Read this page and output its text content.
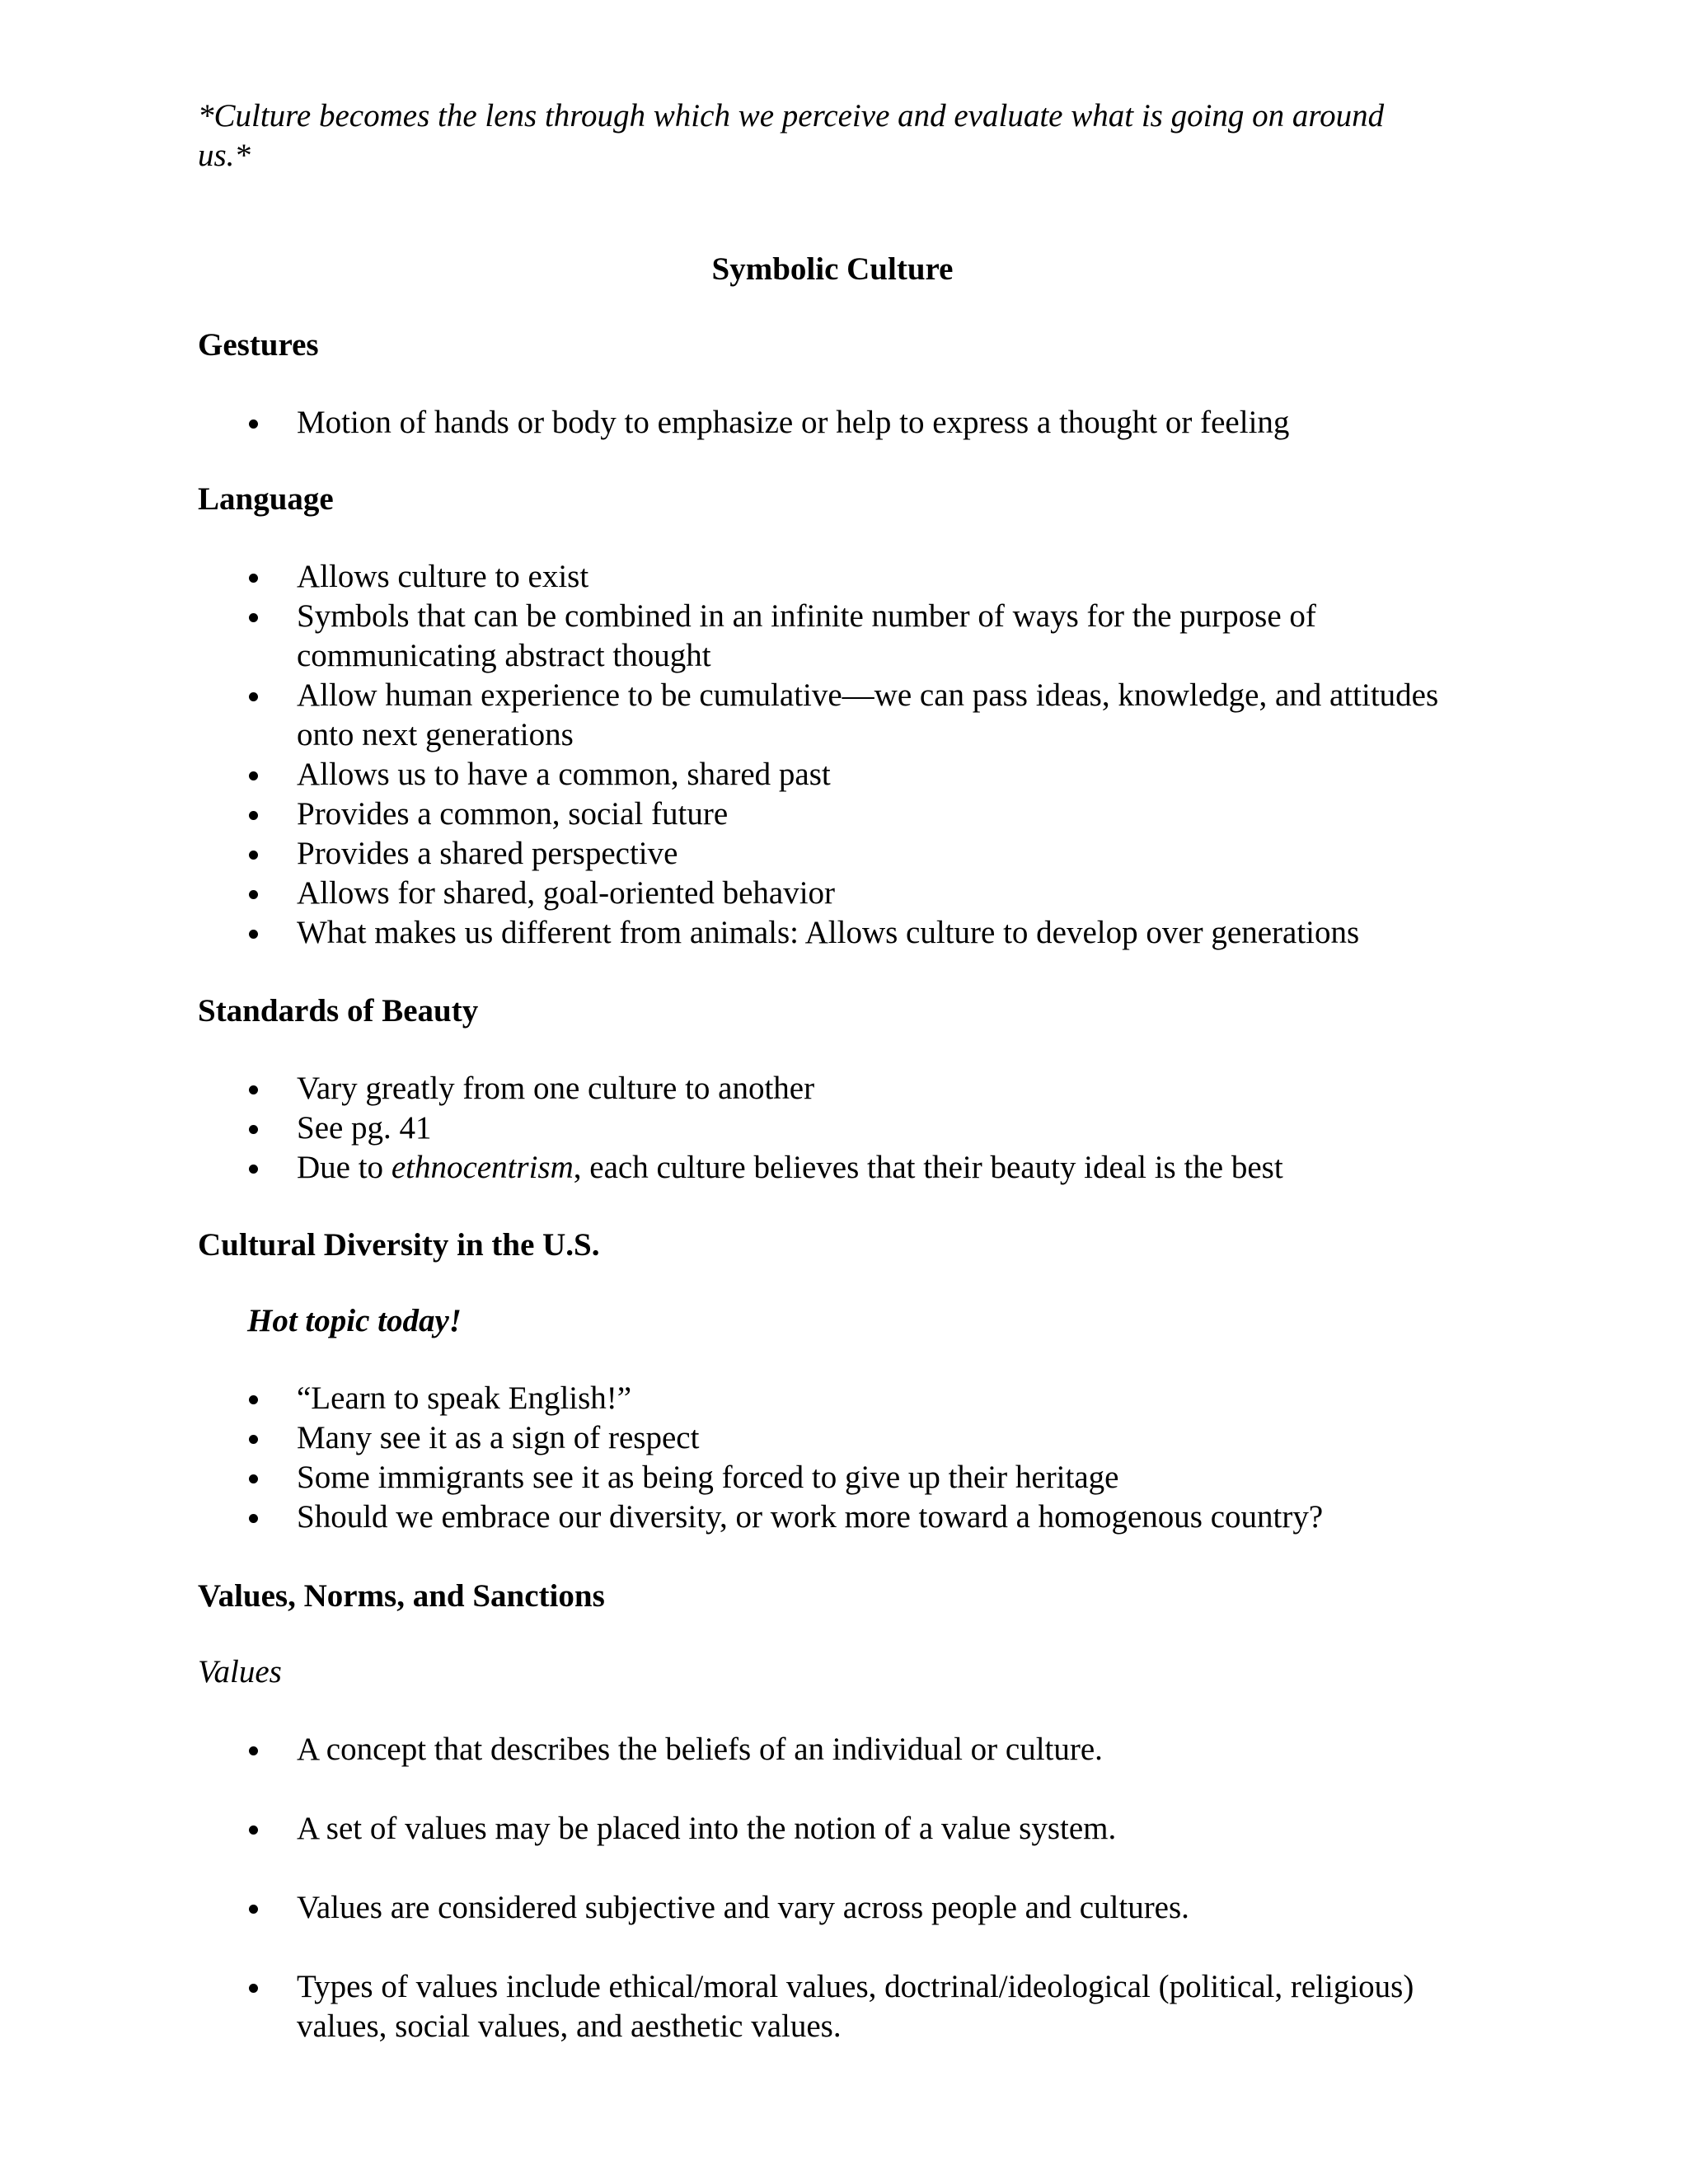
*Culture becomes the lens through which we perceive and evaluate what is going on around us.*

Symbolic Culture
Gestures
Motion of hands or body to emphasize or help to express a thought or feeling
Language
Allows culture to exist
Symbols that can be combined in an infinite number of ways for the purpose of communicating abstract thought
Allow human experience to be cumulative—we can pass ideas, knowledge, and attitudes onto next generations
Allows us to have a common, shared past
Provides a common, social future
Provides a shared perspective
Allows for shared, goal-oriented behavior
What makes us different from animals: Allows culture to develop over generations
Standards of Beauty
Vary greatly from one culture to another
See pg. 41
Due to ethnocentrism, each culture believes that their beauty ideal is the best
Cultural Diversity in the U.S.

Hot topic today!

“Learn to speak English!”
Many see it as a sign of respect
Some immigrants see it as being forced to give up their heritage
Should we embrace our diversity, or work more toward a homogenous country?
Values, Norms, and Sanctions

Values

A concept that describes the beliefs of an individual or culture.
A set of values may be placed into the notion of a value system.
Values are considered subjective and vary across people and cultures.
Types of values include ethical/moral values, doctrinal/ideological (political, religious) values, social values, and aesthetic values.
